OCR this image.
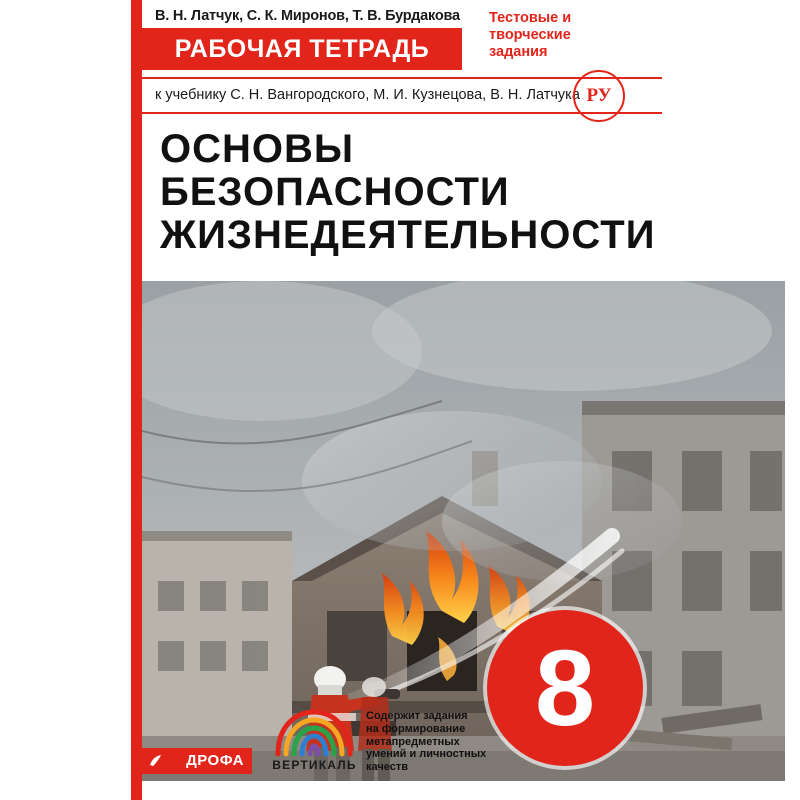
В. Н. Латчук, С. К. Миронов, Т. В. Бурдакова
РАБОЧАЯ ТЕТРАДЬ
Тестовые и
творческие
задания
к учебнику С. Н. Вангородского, М. И. Кузнецова, В. Н. Латчука РУ
ОСНОВЫ
БЕЗОПАСНОСТИ
ЖИЗНЕДЕЯТЕЛЬНОСТИ
8
Содержит задания
на формирование
метапредметных
умений и личностных
качеств
ВЕРТИКАЛЬ
ДРОФА
